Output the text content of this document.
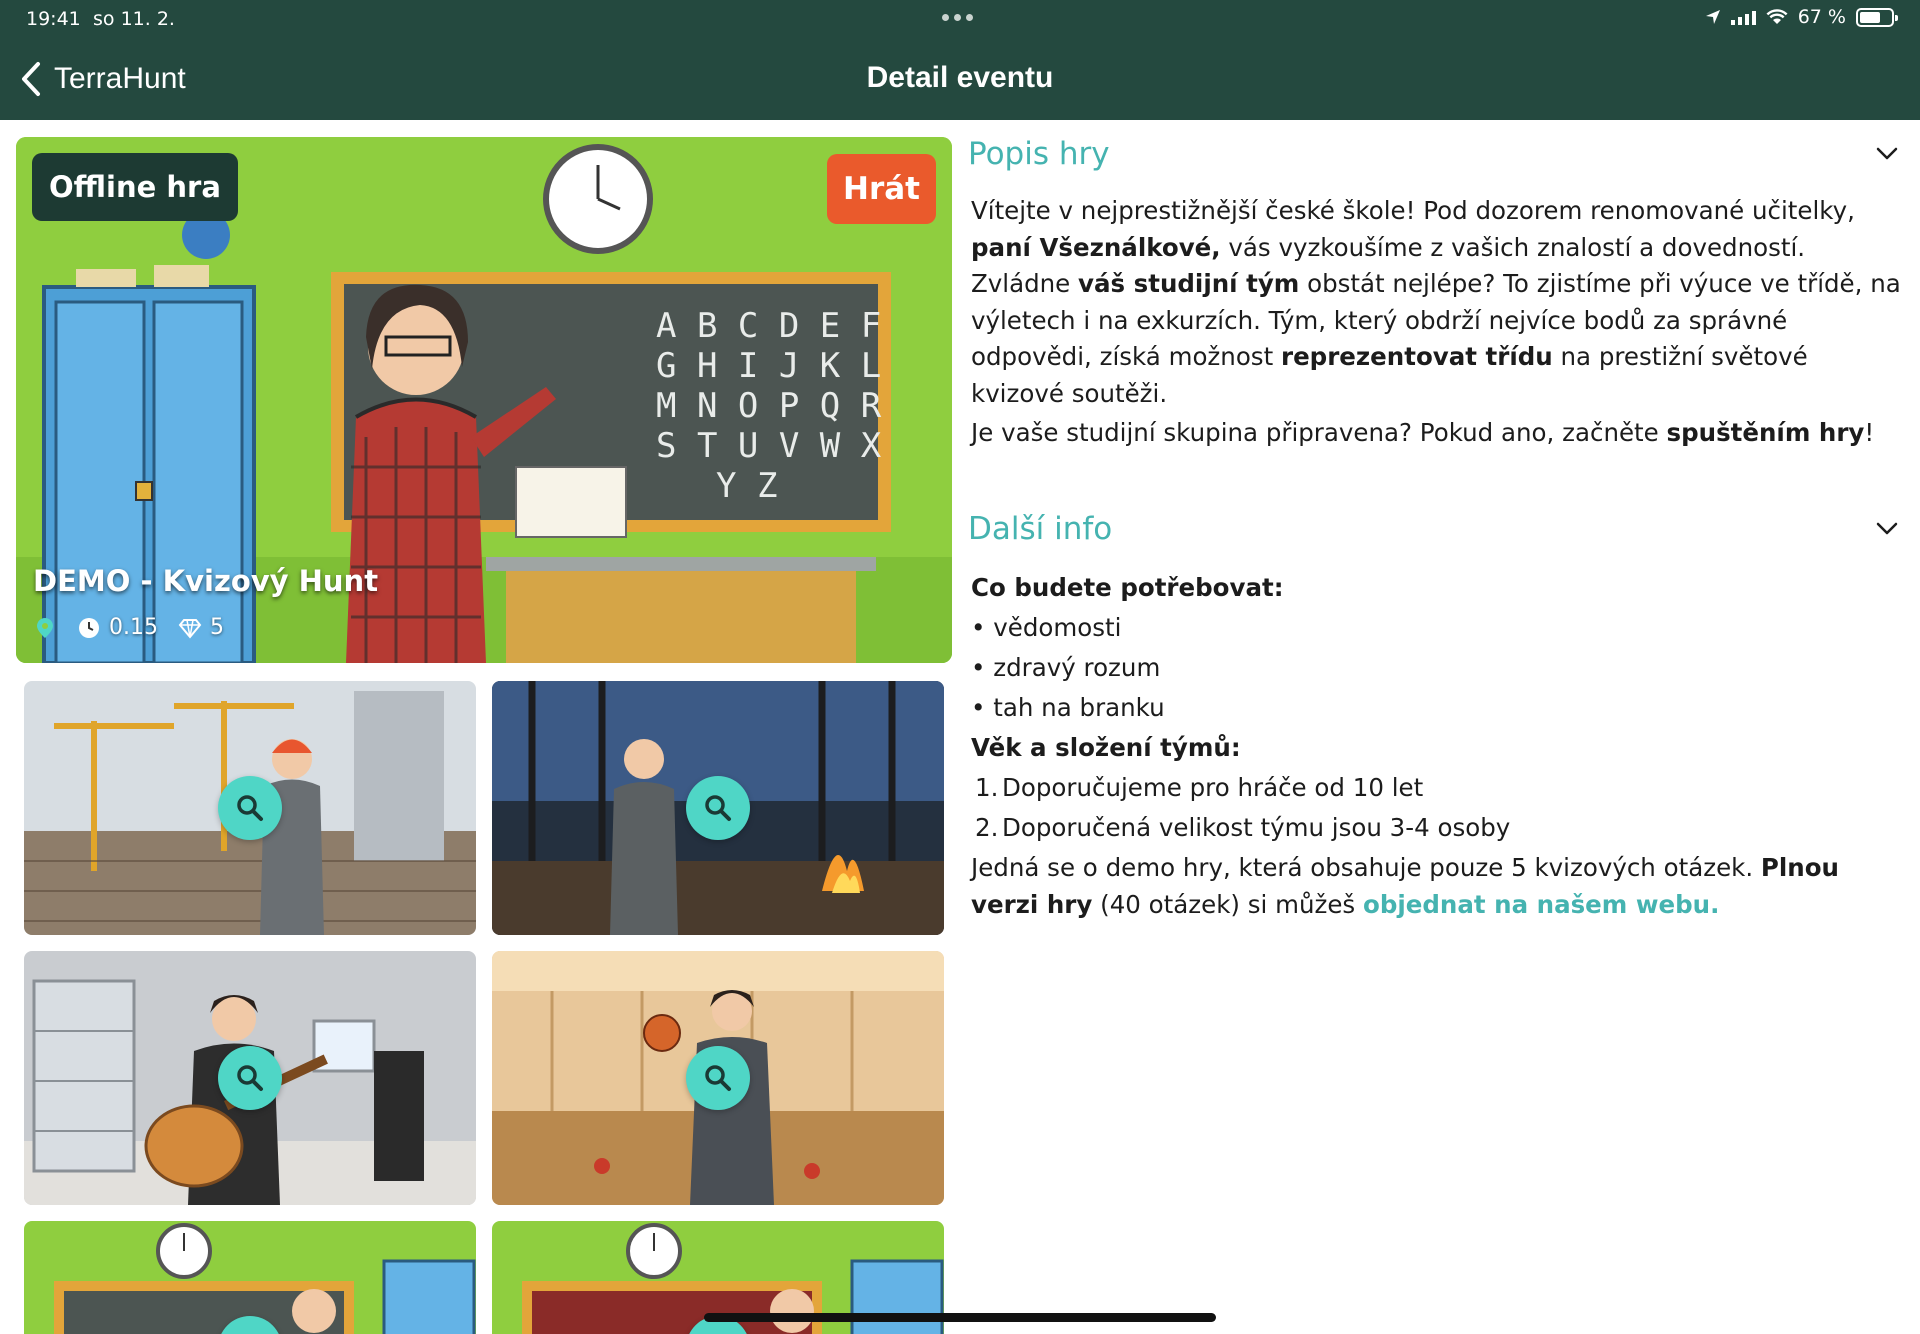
19:41 so 11. 2.	67 %
TerraHunt	Detail eventu
A B C D E F
G H I J K L
M N O P Q R
S T U V W X
Y Z
Offline hra	Hrát
DEMO - Kvizový Hunt
0.15 5
Popis hry

Vítejte v nejprestižnější české škole! Pod dozorem renomované učitelky, paní Všeználkové, vás vyzkoušíme z vašich znalostí a dovedností. Zvládne váš studijní tým obstát nejlépe? To zjistíme při výuce ve třídě, na výletech i na exkurzích. Tým, který obdrží nejvíce bodů za správné odpovědi, získá možnost reprezentovat třídu na prestižní světové kvizové soutěži.

Je vaše studijní skupina připravena? Pokud ano, začněte spuštěním hry!

Další info
Co budete potřebovat:
• vědomosti
• zdravý rozum
• tah na branku
Věk a složení týmů:
1. Doporučujeme pro hráče od 10 let
2. Doporučená velikost týmu jsou 3-4 osoby

Jedná se o demo hry, která obsahuje pouze 5 kvizových otázek. Plnou verzi hry (40 otázek) si můžeš objednat na našem webu.
